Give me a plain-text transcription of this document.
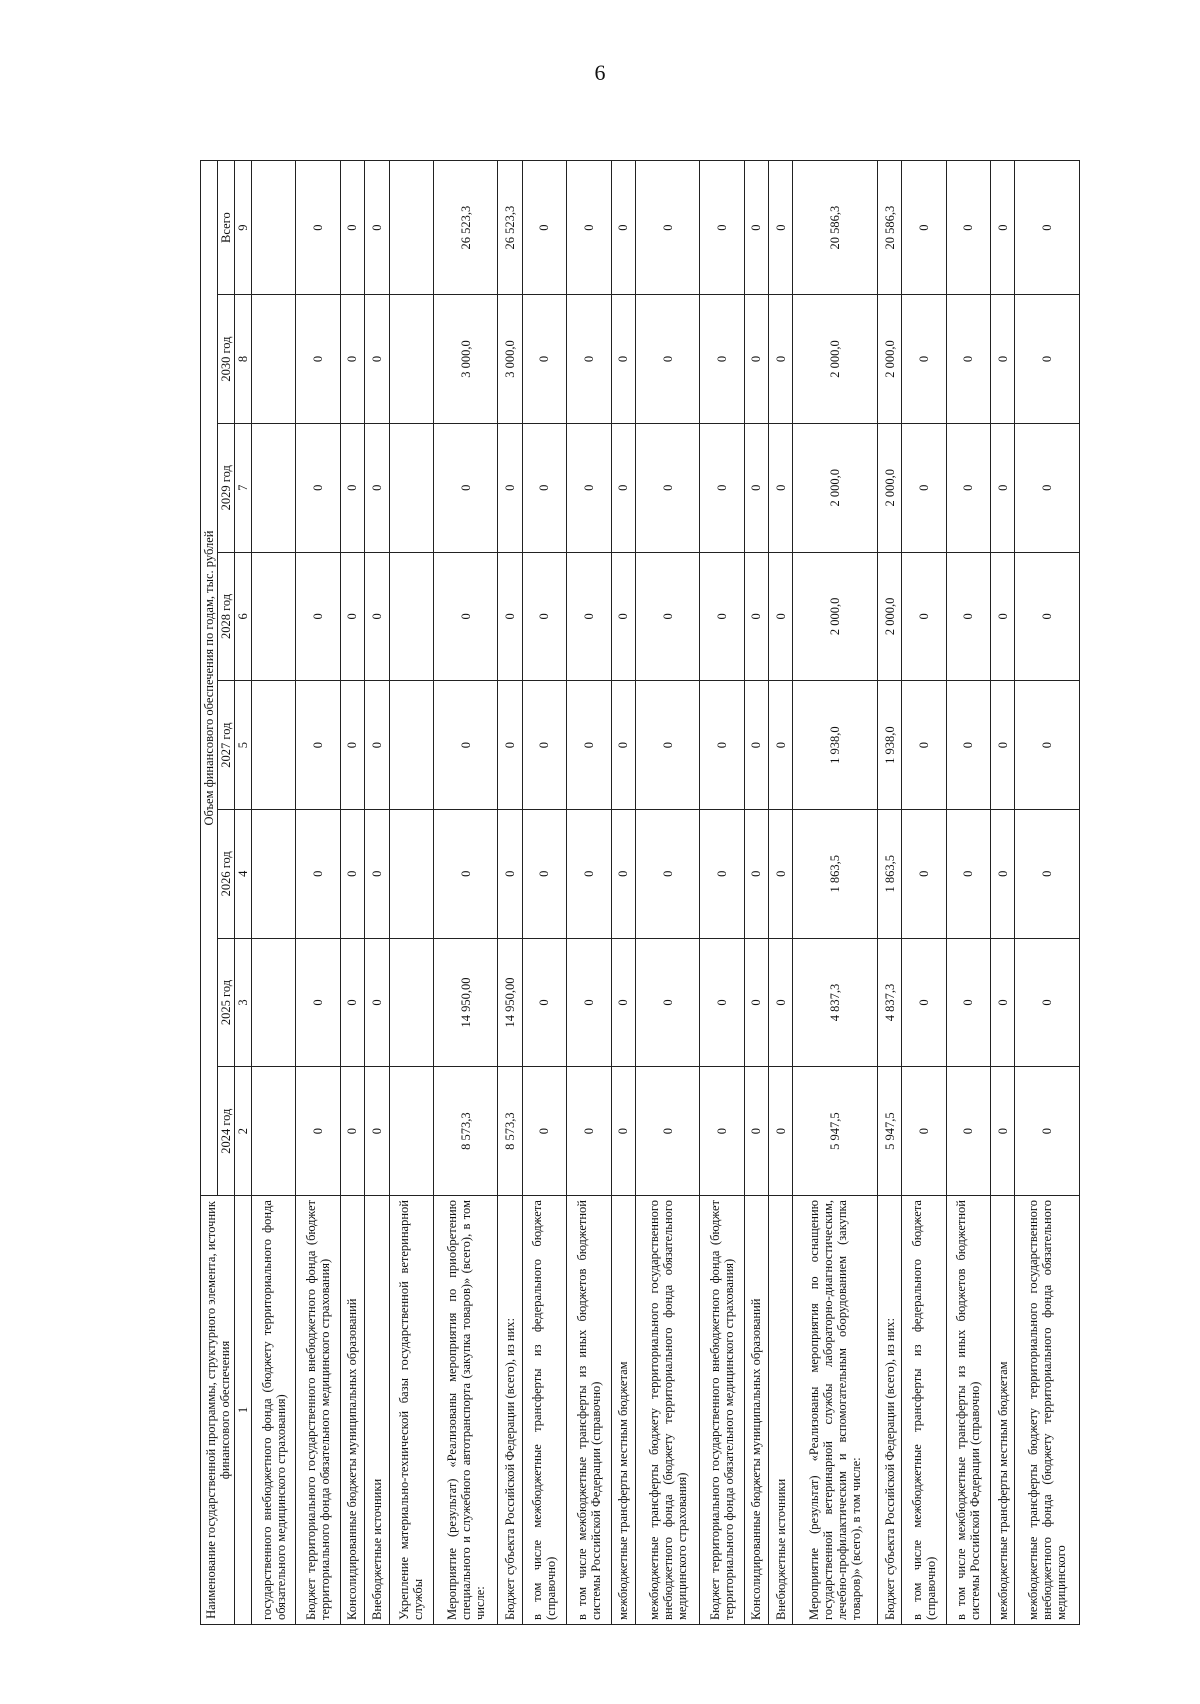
6
Наименование государственной программы, структурного элемента, источник финансового обеспечения	Объем финансового обеспечения по годам, тыс. рублей							
	2024 год	2025 год	2026 год	2027 год	2028 год	2029 год	2030 год	Всего
1	2	3	4	5	6	7	8	9
государственного внебюджетного фонда (бюджету территориального фонда обязательного медицинского страхования)								
Бюджет территориального государственного внебюджетного фонда (бюджет территориального фонда обязательного медицинского страхования)	0	0	0	0	0	0	0	0
Консолидированные бюджеты муниципальных образований	0	0	0	0	0	0	0	0
Внебюджетные источники	0	0	0	0	0	0	0	0
Укрепление материально-технической базы государственной ветеринарной службы								
Мероприятие (результат) «Реализованы мероприятия по приобретению специального и служебного автотранспорта (закупка товаров)» (всего), в том числе:	8 573,3	14 950,00	0	0	0	0	3 000,0	26 523,3
Бюджет субъекта Российской Федерации (всего), из них:	8 573,3	14 950,00	0	0	0	0	3 000,0	26 523,3
в том числе межбюджетные трансферты из федерального бюджета (справочно)	0	0	0	0	0	0	0	0
в том числе межбюджетные трансферты из иных бюджетов бюджетной системы Российской Федерации (справочно)	0	0	0	0	0	0	0	0
межбюджетные трансферты местным бюджетам	0	0	0	0	0	0	0	0
межбюджетные трансферты бюджету территориального государственного внебюджетного фонда (бюджету территориального фонда обязательного медицинского страхования)	0	0	0	0	0	0	0	0
Бюджет территориального государственного внебюджетного фонда (бюджет территориального фонда обязательного медицинского страхования)	0	0	0	0	0	0	0	0
Консолидированные бюджеты муниципальных образований	0	0	0	0	0	0	0	0
Внебюджетные источники	0	0	0	0	0	0	0	0
Мероприятие (результат) «Реализованы мероприятия по оснащению государственной ветеринарной службы лабораторно-диагностическим, лечебно-профилактическим и вспомогательным оборудованием (закупка товаров)» (всего), в том числе:	5 947,5	4 837,3	1 863,5	1 938,0	2 000,0	2 000,0	2 000,0	20 586,3
Бюджет субъекта Российской Федерации (всего), из них:	5 947,5	4 837,3	1 863,5	1 938,0	2 000,0	2 000,0	2 000,0	20 586,3
в том числе межбюджетные трансферты из федерального бюджета (справочно)	0	0	0	0	0	0	0	0
в том числе межбюджетные трансферты из иных бюджетов бюджетной системы Российской Федерации (справочно)	0	0	0	0	0	0	0	0
межбюджетные трансферты местным бюджетам	0	0	0	0	0	0	0	0
межбюджетные трансферты бюджету территориального государственного внебюджетного фонда (бюджету территориального фонда обязательного медицинского	0	0	0	0	0	0	0	0
